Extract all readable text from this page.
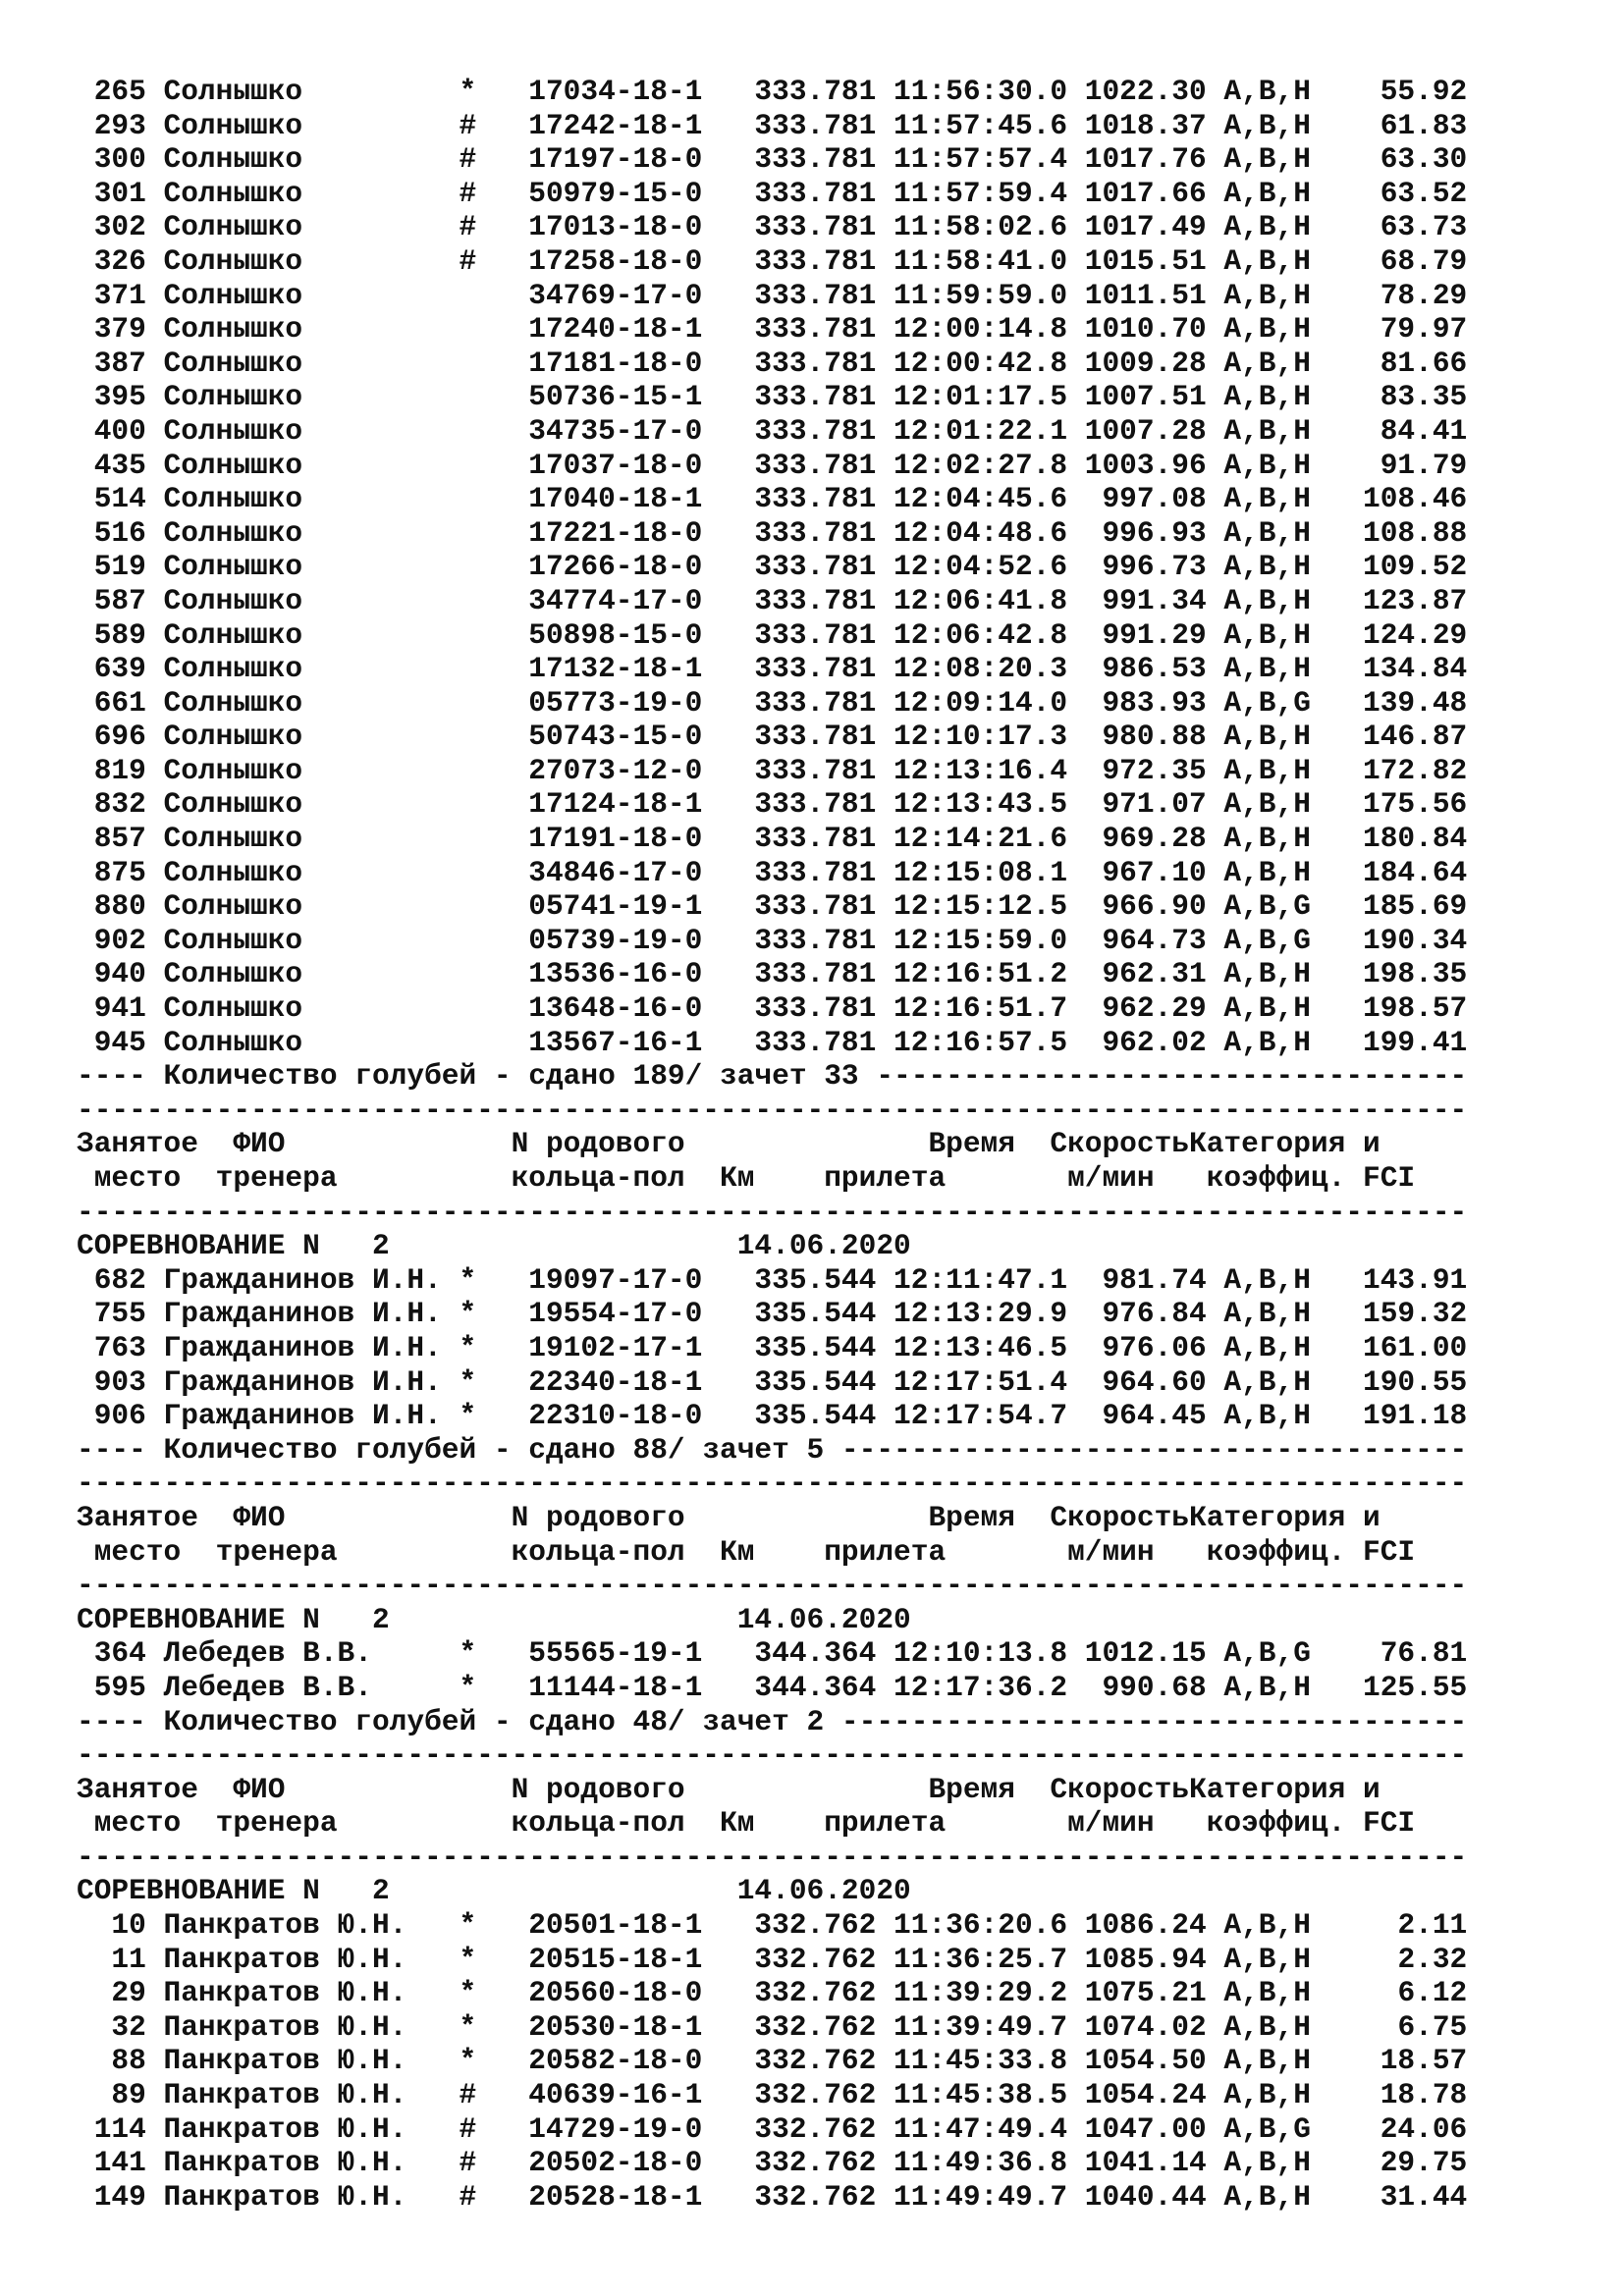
265 Солнышко	* 17034-18-1 333.781 11:56:30.0 1022.30 A,B,H 55.92
293 Солнышко	# 17242-18-1 333.781 11:57:45.6 1018.37 A,B,H 61.83
300 Солнышко	# 17197-18-0 333.781 11:57:57.4 1017.76 A,B,H 63.30
301 Солнышко	# 50979-15-0 333.781 11:57:59.4 1017.66 A,B,H 63.52
302 Солнышко	# 17013-18-0 333.781 11:58:02.6 1017.49 A,B,H 63.73
326 Солнышко	# 17258-18-0 333.781 11:58:41.0 1015.51 A,B,H 68.79
371 Солнышко	34769-17-0 333.781 11:59:59.0 1011.51 A,B,H 78.29
379 Солнышко	17240-18-1 333.781 12:00:14.8 1010.70 A,B,H 79.97
387 Солнышко	17181-18-0 333.781 12:00:42.8 1009.28 A,B,H 81.66
395 Солнышко	50736-15-1 333.781 12:01:17.5 1007.51 A,B,H 83.35
400 Солнышко	34735-17-0 333.781 12:01:22.1 1007.28 A,B,H 84.41
435 Солнышко	17037-18-0 333.781 12:02:27.8 1003.96 A,B,H 91.79
514 Солнышко	17040-18-1 333.781 12:04:45.6 997.08 A,B,H 108.46
516 Солнышко	17221-18-0 333.781 12:04:48.6 996.93 A,B,H 108.88
519 Солнышко	17266-18-0 333.781 12:04:52.6 996.73 A,B,H 109.52
587 Солнышко	34774-17-0 333.781 12:06:41.8 991.34 A,B,H 123.87
589 Солнышко	50898-15-0 333.781 12:06:42.8 991.29 A,B,H 124.29
639 Солнышко	17132-18-1 333.781 12:08:20.3 986.53 A,B,H 134.84
661 Солнышко	05773-19-0 333.781 12:09:14.0 983.93 A,B,G 139.48
696 Солнышко	50743-15-0 333.781 12:10:17.3 980.88 A,B,H 146.87
819 Солнышко	27073-12-0 333.781 12:13:16.4 972.35 A,B,H 172.82
832 Солнышко	17124-18-1 333.781 12:13:43.5 971.07 A,B,H 175.56
857 Солнышко	17191-18-0 333.781 12:14:21.6 969.28 A,B,H 180.84
875 Солнышко	34846-17-0 333.781 12:15:08.1 967.10 A,B,H 184.64
880 Солнышко	05741-19-1 333.781 12:15:12.5 966.90 A,B,G 185.69
902 Солнышко	05739-19-0 333.781 12:15:59.0 964.73 A,B,G 190.34
940 Солнышко	13536-16-0 333.781 12:16:51.2 962.31 A,B,H 198.35
941 Солнышко	13648-16-0 333.781 12:16:51.7 962.29 A,B,H 198.57
945 Солнышко	13567-16-1 333.781 12:16:57.5 962.02 A,B,H 199.41
---- Количество голубей - сдано 189/ зачет 33 ----------------------------------
--------------------------------------------------------------------------------
Занятое ФИО	N родового	Время СкоростьКатегория и
место тренера	кольца-пол Км прилета	м/мин коэффиц. FCI
--------------------------------------------------------------------------------
СОРЕВНОВАНИЕ N 2	14.06.2020
682 Гражданинов И.Н. * 19097-17-0 335.544 12:11:47.1 981.74 A,B,H 143.91
755 Гражданинов И.Н. * 19554-17-0 335.544 12:13:29.9 976.84 A,B,H 159.32
763 Гражданинов И.Н. * 19102-17-1 335.544 12:13:46.5 976.06 A,B,H 161.00
903 Гражданинов И.Н. * 22340-18-1 335.544 12:17:51.4 964.60 A,B,H 190.55
906 Гражданинов И.Н. * 22310-18-0 335.544 12:17:54.7 964.45 A,B,H 191.18
---- Количество голубей - сдано 88/ зачет 5 ------------------------------------
--------------------------------------------------------------------------------
Занятое ФИО	N родового	Время СкоростьКатегория и
место тренера	кольца-пол Км прилета	м/мин коэффиц. FCI
--------------------------------------------------------------------------------
СОРЕВНОВАНИЕ N 2	14.06.2020
364 Лебедев В.В.	* 55565-19-1 344.364 12:10:13.8 1012.15 A,B,G 76.81
595 Лебедев В.В.	* 11144-18-1 344.364 12:17:36.2 990.68 A,B,H 125.55
---- Количество голубей - сдано 48/ зачет 2 ------------------------------------
--------------------------------------------------------------------------------
Занятое ФИО	N родового	Время СкоростьКатегория и
место тренера	кольца-пол Км прилета	м/мин коэффиц. FCI
--------------------------------------------------------------------------------
СОРЕВНОВАНИЕ N 2	14.06.2020
10 Панкратов Ю.Н. * 20501-18-1 332.762 11:36:20.6 1086.24 A,B,H	2.11
11 Панкратов Ю.Н. * 20515-18-1 332.762 11:36:25.7 1085.94 A,B,H	2.32
29 Панкратов Ю.Н. * 20560-18-0 332.762 11:39:29.2 1075.21 A,B,H	6.12
32 Панкратов Ю.Н. * 20530-18-1 332.762 11:39:49.7 1074.02 A,B,H	6.75
88 Панкратов Ю.Н. * 20582-18-0 332.762 11:45:33.8 1054.50 A,B,H 18.57
89 Панкратов Ю.Н. # 40639-16-1 332.762 11:45:38.5 1054.24 A,B,H 18.78
114 Панкратов Ю.Н. # 14729-19-0 332.762 11:47:49.4 1047.00 A,B,G 24.06
141 Панкратов Ю.Н. # 20502-18-0 332.762 11:49:36.8 1041.14 A,B,H 29.75
149 Панкратов Ю.Н. # 20528-18-1 332.762 11:49:49.7 1040.44 A,B,H 31.44
